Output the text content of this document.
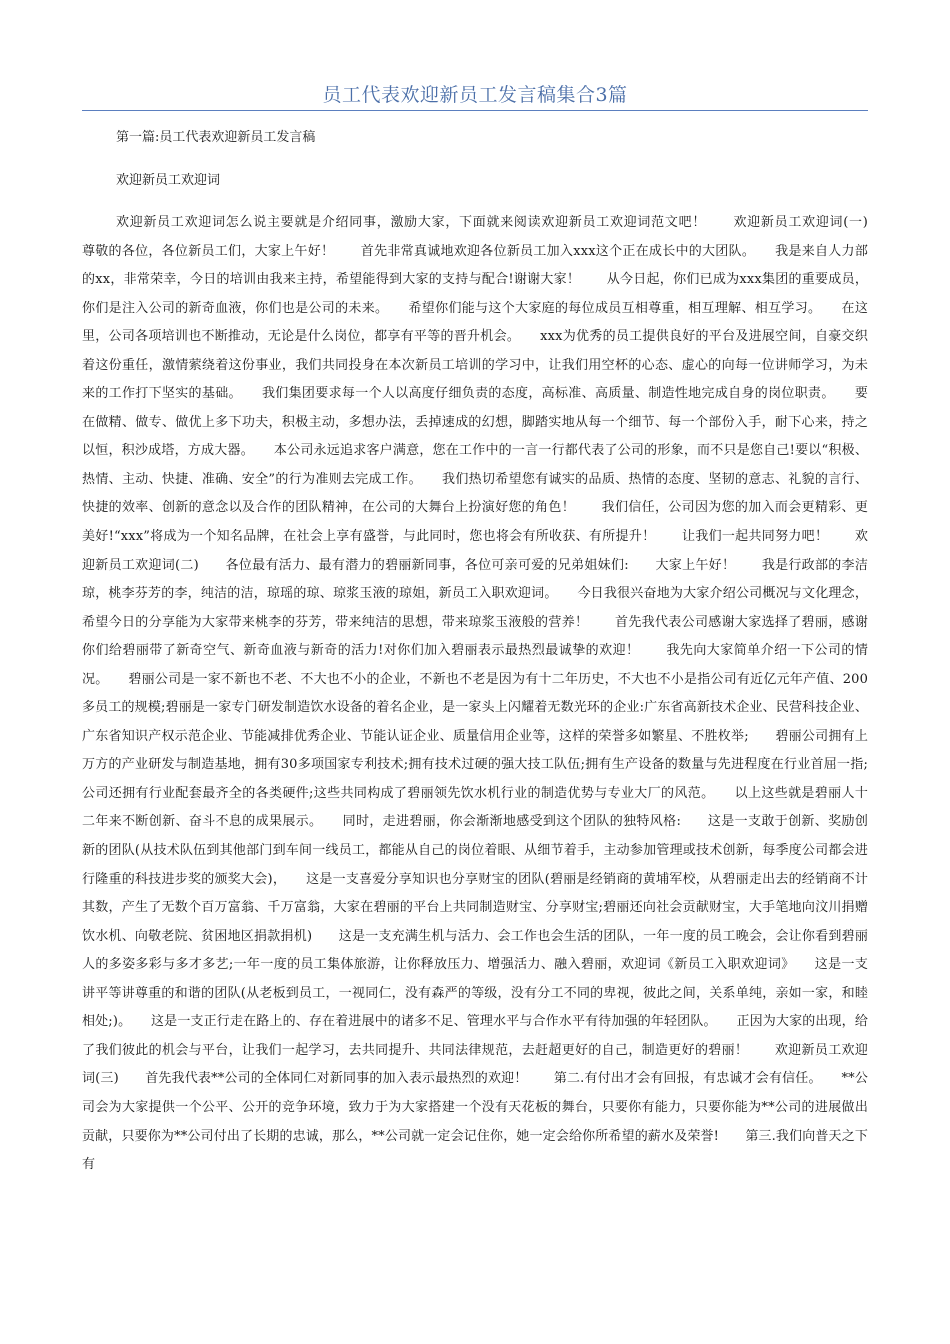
员工代表欢迎新员工发言稿集合3篇

第一篇:员工代表欢迎新员工发言稿

欢迎新员工欢迎词

欢迎新员工欢迎词怎么说主要就是介绍同事，激励大家，下面就来阅读欢迎新员工欢迎词范文吧！　　欢迎新员工欢迎词(一)　　尊敬的各位，各位新员工们，大家上午好！　　首先非常真诚地欢迎各位新员工加入xxx这个正在成长中的大团队。　　我是来自人力部的xx，非常荣幸，今日的培训由我来主持，希望能得到大家的支持与配合!谢谢大家！　　从今日起，你们已成为xxx集团的重要成员，你们是注入公司的新奇血液，你们也是公司的未来。　　希望你们能与这个大家庭的每位成员互相尊重，相互理解、相互学习。　　在这里，公司各项培训也不断推动，无论是什么岗位，都享有平等的晋升机会。　　xxx为优秀的员工提供良好的平台及进展空间，自豪交织着这份重任，激情萦绕着这份事业，我们共同投身在本次新员工培训的学习中，让我们用空杯的心态、虚心的向每一位讲师学习，为未来的工作打下坚实的基础。　　我们集团要求每一个人以高度仔细负责的态度，高标准、高质量、制造性地完成自身的岗位职责。　　要在做精、做专、做优上多下功夫，积极主动，多想办法，丢掉速成的幻想，脚踏实地从每一个细节、每一个部份入手，耐下心来，持之以恒，积沙成塔，方成大器。　　本公司永远追求客户满意，您在工作中的一言一行都代表了公司的形象，而不只是您自己!要以“积极、热情、主动、快捷、准确、安全”的行为准则去完成工作。　　我们热切希望您有诚实的品质、热情的态度、坚韧的意志、礼貌的言行、快捷的效率、创新的意念以及合作的团队精神，在公司的大舞台上扮演好您的角色！　　我们信任，公司因为您的加入而会更精彩、更美好!“xxx”将成为一个知名品牌，在社会上享有盛誉，与此同时，您也将会有所收获、有所提升！　　让我们一起共同努力吧！　　欢迎新员工欢迎词(二)　　各位最有活力、最有潜力的碧丽新同事，各位可亲可爱的兄弟姐妹们:　　大家上午好！　　我是行政部的李洁琼，桃李芬芳的李，纯洁的洁，琼瑶的琼、琼浆玉液的琼姐，新员工入职欢迎词。　　今日我很兴奋地为大家介绍公司概况与文化理念，希望今日的分享能为大家带来桃李的芬芳，带来纯洁的思想，带来琼浆玉液般的营养！　　首先我代表公司感谢大家选择了碧丽，感谢你们给碧丽带了新奇空气、新奇血液与新奇的活力!对你们加入碧丽表示最热烈最诚挚的欢迎！　　我先向大家简单介绍一下公司的情况。　　碧丽公司是一家不新也不老、不大也不小的企业，不新也不老是因为有十二年历史，不大也不小是指公司有近亿元年产值、200多员工的规模;碧丽是一家专门研发制造饮水设备的着名企业，是一家头上闪耀着无数光环的企业:广东省高新技术企业、民营科技企业、广东省知识产权示范企业、节能减排优秀企业、节能认证企业、质量信用企业等，这样的荣誉多如繁星、不胜枚举;　　碧丽公司拥有上万方的产业研发与制造基地，拥有30多项国家专利技术;拥有技术过硬的强大技工队伍;拥有生产设备的数量与先进程度在行业首屈一指;公司还拥有行业配套最齐全的各类硬件;这些共同构成了碧丽领先饮水机行业的制造优势与专业大厂的风范。　　以上这些就是碧丽人十二年来不断创新、奋斗不息的成果展示。　　同时，走进碧丽，你会渐渐地感受到这个团队的独特风格:　　这是一支敢于创新、奖励创新的团队(从技术队伍到其他部门到车间一线员工，都能从自己的岗位着眼、从细节着手，主动参加管理或技术创新，每季度公司都会进行隆重的科技进步奖的颁奖大会)，　　这是一支喜爱分享知识也分享财宝的团队(碧丽是经销商的黄埔军校，从碧丽走出去的经销商不计其数，产生了无数个百万富翁、千万富翁，大家在碧丽的平台上共同制造财宝、分享财宝;碧丽还向社会贡献财宝，大手笔地向汶川捐赠饮水机、向敬老院、贫困地区捐款捐机)　　这是一支充满生机与活力、会工作也会生活的团队，一年一度的员工晚会，会让你看到碧丽人的多姿多彩与多才多艺;一年一度的员工集体旅游，让你释放压力、增强活力、融入碧丽，欢迎词《新员工入职欢迎词》　　这是一支讲平等讲尊重的和谐的团队(从老板到员工，一视同仁，没有森严的等级，没有分工不同的卑视，彼此之间，关系单纯，亲如一家，和睦相处;)。　　这是一支正行走在路上的、存在着进展中的诸多不足、管理水平与合作水平有待加强的年轻团队。　　正因为大家的出现，给了我们彼此的机会与平台，让我们一起学习，去共同提升、共同法律规范，去赶超更好的自己，制造更好的碧丽！　　欢迎新员工欢迎词(三)　　首先我代表**公司的全体同仁对新同事的加入表示最热烈的欢迎！　　第二.有付出才会有回报，有忠诚才会有信任。　　**公司会为大家提供一个公平、公开的竞争环境，致力于为大家搭建一个没有天花板的舞台，只要你有能力，只要你能为**公司的进展做出贡献，只要你为**公司付出了长期的忠诚，那么，**公司就一定会记住你，她一定会给你所希望的薪水及荣誉!　　第三.我们向普天之下有
